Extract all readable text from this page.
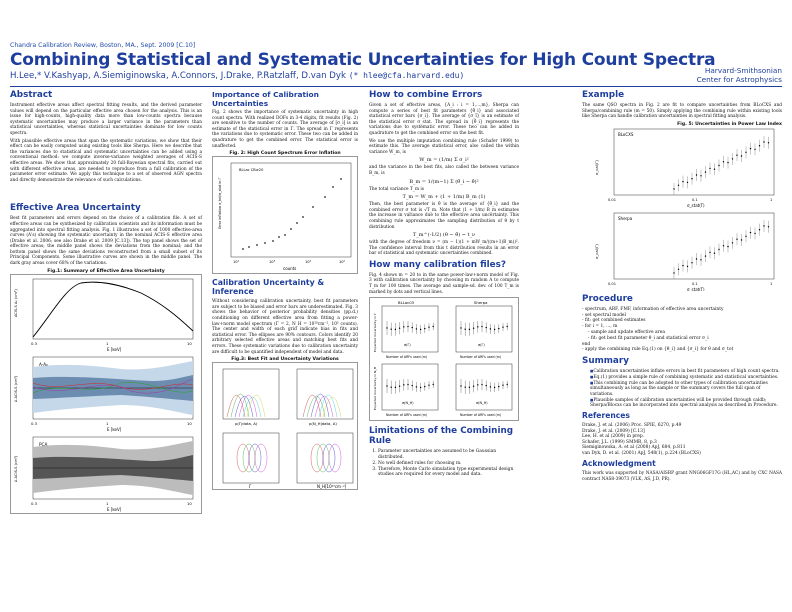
Chandra Calibration Review, Boston, MA., Sept. 2009 [C.10]
Combining Statistical and Systematic Uncertainties for High Count Spectra
H.Lee,* V.Kashyap, A.Siemiginowska, A.Connors, J.Drake, P.Ratzlaff, D.van Dyk (* hlee@cfa.harvard.edu)
Harvard-Smithsonian
Center for Astrophysics
Abstract

Instrument effective areas affect spectral fitting results, and the derived parameter values will depend on the particular effective area chosen for the analysis. This is an issue for high-counts, high-quality data more than low-counts spectra because systematic uncertainties may produce a larger variance in the parameters than statistical uncertainties, whereas statistical uncertainties dominate for low counts spectra.

With plausible effective areas that span the systematic variations, we show that their effect can be easily computed using existing tools like Sherpa. Here we describe that the variances due to statistical and systematic uncertainties can be added using a conventional method: we compute inverse-variance weighted averages of ACIS-S effective areas. We show that approximately 20 full-Bayesian spectral fits, carried out with different effective areas, are needed to reproduce from a full calibration of the parameter error estimate. We apply this technique to a set of observed AGN spectra and directly demonstrate the relevance of such calculations.

Effective Area Uncertainty

Best fit parameters and errors depend on the choice of a calibration file. A set of effective areas can be synthesized by calibration scientists and its information must be aggregated into spectral fitting analysis. Fig. 1 illustrates a set of 1000 effective-area curves (A's) showing the systematic uncertainty in the nominal ACIS-S effective area (Drake et al. 2006; see also Drake et al. 2009 [C.13]). The top panel shows the set of effective areas; the middle panel shows the deviations from the nominal; and the bottom panel shows the same deviations reconstructed from a small subset of its Principal Components. Some illustrative curves are shown in the middle panel. The dark gray areas cover 68% of the variations.

Fig.1: Summary of Effective Area Uncertainty
ACIS-S A₀ (cm²)
0.3	1	10
E [keV]
A-A₀
Δ ACIS-S (cm²)
0.3	1	10
E [keV]
PCA
Δ ACIS-S (cm²)
0.3	1	10
E [keV]
Importance of Calibration Uncertainties

Fig. 2 shows the importance of systematic uncertainty in high count spectra. With realized DOFs in 3-4 digits, fit results (Fig. 2) are sensitive to the number of counts. The average of [σ_i] is an estimate of the statistical error in Γ. The spread in Γ represents the variations due to systematic error. These two can be added in quadrature to get the combined error. The statistical error is unaffected.

Fig. 2: High Count Spectrum Error Inflation
BLLac CB≥20
Error inflation σ_tot/σ_stat in Γ
10²	10³	10⁴	10⁵
counts
Calibration Uncertainty & Inference

Without considering calibration uncertainty, best fit parameters are subject to be biased and error bars are underestimated. Fig. 3 shows the behavior of posterior probability densities (pp.d.) conditioning on different effective area from fitting a power-law+norm model spectrum (Γ = 2, N_H = 10²⁰cm⁻², 10⁵ counts). The center and width of each grid indicate bias in fits and statistical error. The ellipses are 90% contours. Colors identify 20 arbitrary selected effective areas and matching best fits and errors. These systematic variations due to calibration uncertainty are difficult to be quantified independent of model and data.

Fig.3: Best Fit and Uncertainty Variations
p(Γ|data, A)	p(N_H|data, A)
Γ	N_H[10²⁰cm⁻²]
How to combine Errors

Given a set of effective areas, {A_i : i = 1,...,m}, Sherpa can compute a series of best fit parameters {θ̂_i} and associated statistical error bars {σ_i}. The average of {σ_i} is an estimate of the statistical error σ_stat. The spread in {θ̂_i} represents the variations due to systematic error. These two can be added in quadrature to get the combined error on the best fit.

We use the multiple imputation combining rule (Schafer 1999) to estimate this. The average statistical error, also called the within variance W_m, is

W_m = (1/m) Σ σ_i²

and the variance in the best fits, also called the between variance B_m, is

B_m = 1/(m−1) Σ (θ̂_i − θ̄)²

The total variance T_m is

T_m = W_m + (1 + 1/m) B_m (1)

Then, the best parameter is θ̄ is the average of {θ̂_i} and the combined error σ_tot is √T_m. Note that (1 + 1/m) B_m estimates the increase in variance due to the effective area uncertainty. This combining rule approximates the sampling distribution of θ by t distribution

T_m^(-1/2) (θ − θ̄) ~ t_ν

with the degree of freedom ν = (m − 1)(1 + mW_m/((m+1)B_m))². The confidence interval from this t distribution results in an error bar of statistical and systematic uncertainties combined.

How many calibration files?

Fig. 4 shows m = 20 to in the same power-law+norm model of Fig. 3 with calibration uncertainty by choosing m random A to compute T_m for 100 times. The average and sample-sd. dev. of 100 T_m is marked by dots and vertical lines.

BLLac03	Sherpa
σ(Γ)	σ(Γ)
σ(N_H)	σ(N_H)
Number of ARFs used (m)	Number of ARFs used (m)
Number of ARFs used (m)	Number of ARFs used (m)
Expected Uncertainty in Γ
Expected Uncertainty in N_H
Limitations of the Combining Rule
1. Parameter uncertainties are assumed to be Gaussian distributed.
2. No well defined rules for choosing m.
3. Therefore, Monte Carlo simulation type experimental design studies are required for every model and data.
Example

The same QSO spectra in Fig. 2 are fit to compare uncertainties from BLoCXS and Sherpa/combining rule (m = 50). Simply applying the combining rule within existing tools like Sherpa can handle calibration uncertainties in spectral fitting analysis.

Fig. 5: Uncertainties in Power Law Index
BLoCXS
Sherpa
σ_cal(Γ)
σ_cal(Γ)
0.01	0.1	1
σ_stat(Γ)
0.01	0.1	1
σ_stat(Γ)
Procedure
- spectrum, ARF, FMF, information of effective area uncertainty
- set spectral model
- fit: get combined estimates
- for i = 1, ..., m
- sample and update effective area
- fit: get best fit parameter θ_i and statistical error σ_i
end
- apply the combining rule Eq.(1) on {θ_i} and {σ_i} for θ and σ_tot
Summary
■ Calibration uncertainties inflate errors in best fit parameters of high count spectra.
■ Eq.(1) provides a simple rule of combining systematic and statistical uncertainties.
■ This combining rule can be adopted to other types of calibration uncertainties simultaneously as long as the sample or the summary covers the full span of variations.
■ Plausible samples of calibration uncertainties will be provided through caldb; Sherpa/Blocxs can be incorporated into spectral analysis as described in Procedure.
References
Drake, J. et al. (2006) Proc. SPIE, 6270, p.49
Drake, J. et al. (2009) [C.13]
Lee, H. et al (2009) in prep.
Schafer, J.L. (1999) SMMR, 8, p.3
Siemiginowska, A. et al (2008) ApJ, 684, p.811
van Dyk, D. et al. (2001) ApJ, 548(1), p.224 (BLoCXS)
Acknowledgment

This work was supported by NASA/AISRP grant NNG06GF17G (HL,AC) and by CXC NASA contract NAS8-39073 (VLK, AS, J.D, PR).
